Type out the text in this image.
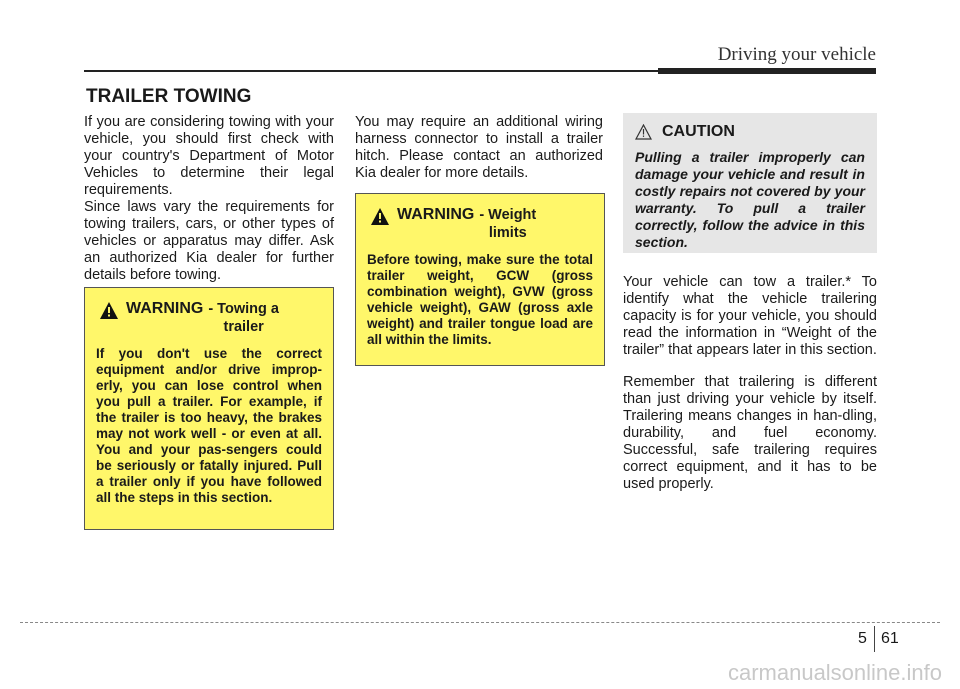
Driving your vehicle
TRAILER TOWING

If you are considering towing with your vehicle, you should first check with your country's Department of Motor Vehicles to determine their legal requirements.

Since laws vary the requirements for towing trailers, cars, or other types of vehicles or apparatus may differ. Ask an authorized Kia dealer for further details before towing.

WARNING - Towing a
trailer
If you don't use the correct equipment and/or drive improp-erly, you can lose control when you pull a trailer. For example, if the trailer is too heavy, the brakes may not work well - or even at all. You and your pas-sengers could be seriously or fatally injured. Pull a trailer only if you have followed all the steps in this section.

You may require an additional wiring harness connector to install a trailer hitch. Please contact an authorized Kia dealer for more details.

WARNING - Weight
limits
Before towing, make sure the total trailer weight, GCW (gross combination weight), GVW (gross vehicle weight), GAW (gross axle weight) and trailer tongue load are all within the limits.
CAUTION
Pulling a trailer improperly can damage your vehicle and result in costly repairs not covered by your warranty. To pull a trailer correctly, follow the advice in this section.

Your vehicle can tow a trailer.* To identify what the vehicle trailering capacity is for your vehicle, you should read the information in “Weight of the trailer” that appears later in this section.

Remember that trailering is different than just driving your vehicle by itself. Trailering means changes in han-dling, durability, and fuel economy. Successful, safe trailering requires correct equipment, and it has to be used properly.

5 61
carmanualsonline.info
